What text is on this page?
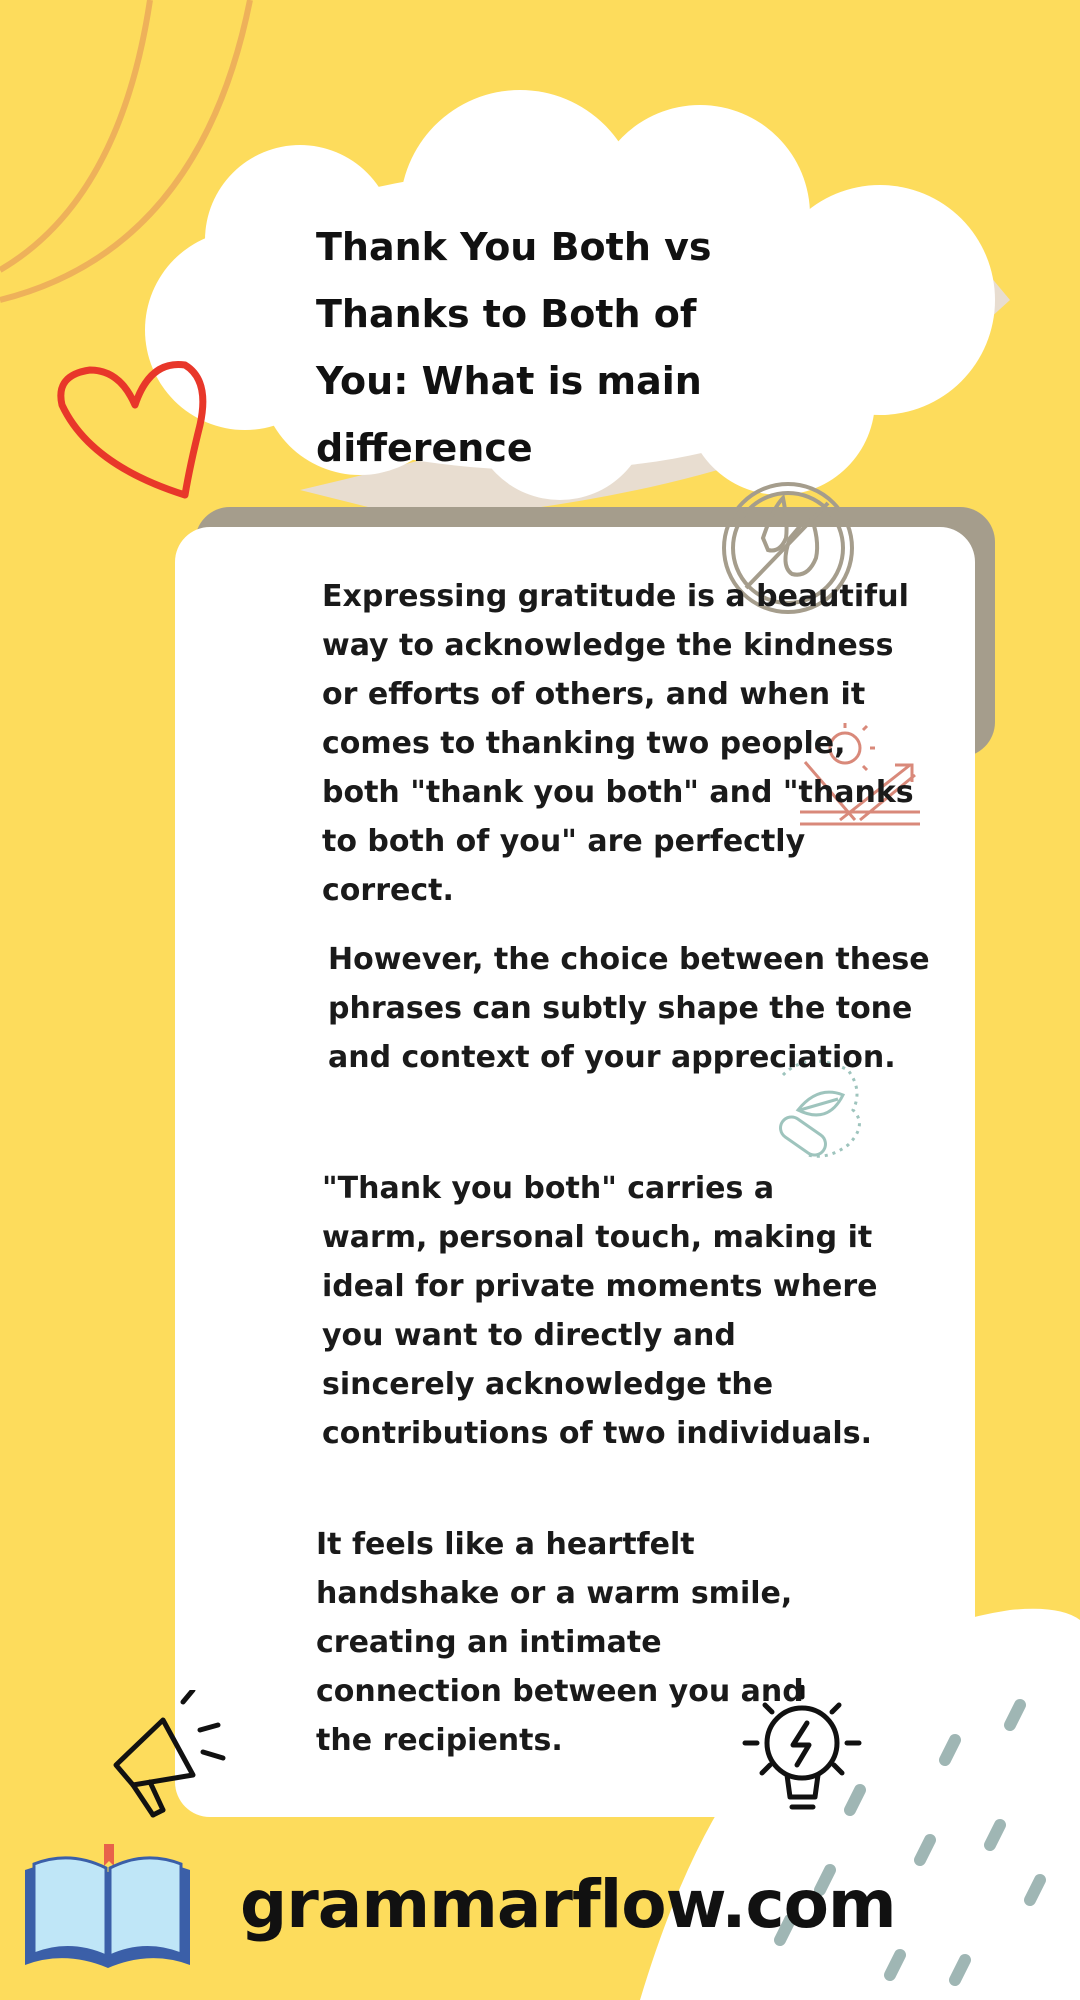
Thank You Both vs Thanks to Both of You: What is main difference

Expressing gratitude is a beautiful way to acknowledge the kindness or efforts of others, and when it comes to thanking two people, both "thank you both" and "thanks to both of you" are perfectly correct.

However, the choice between these phrases can subtly shape the tone and context of your appreciation.

"Thank you both" carries a warm, personal touch, making it ideal for private moments where you want to directly and sincerely acknowledge the contributions of two individuals.

It feels like a heartfelt handshake or a warm smile, creating an intimate connection between you and the recipients.

grammarflow.com
